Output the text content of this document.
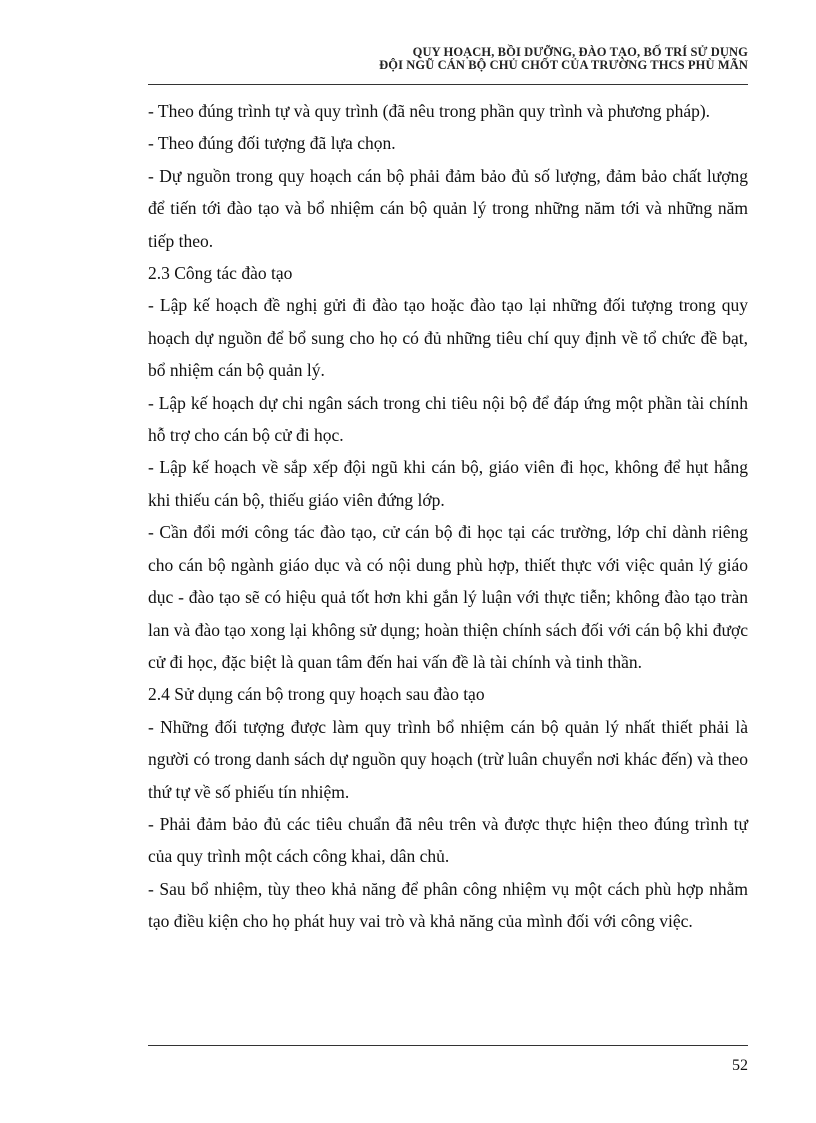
QUY HOẠCH, BỒI DƯỠNG, ĐÀO TẠO, BỐ TRÍ SỬ DỤNG
ĐỘI NGŨ CÁN BỘ CHỦ CHỐT CỦA TRƯỜNG THCS PHÙ MÃN

- Theo đúng trình tự và quy trình (đã nêu trong phần quy trình và phương pháp).

- Theo đúng đối tượng đã lựa chọn.

- Dự nguồn trong quy hoạch cán bộ phải đảm bảo đủ số lượng, đảm bảo chất lượng để tiến tới đào tạo và bổ nhiệm cán bộ quản lý trong những năm tới và những năm tiếp theo.

2.3 Công tác đào tạo

- Lập kế hoạch đề nghị gửi đi đào tạo hoặc đào tạo lại những đối tượng trong quy hoạch dự nguồn để bổ sung cho họ có đủ những tiêu chí quy định về tổ chức đề bạt, bổ nhiệm cán bộ quản lý.

- Lập kế hoạch dự chi ngân sách trong chi tiêu nội bộ để đáp ứng một phần tài chính hỗ trợ cho cán bộ cử đi học.

- Lập kế hoạch về sắp xếp đội ngũ khi cán bộ, giáo viên đi học, không để hụt hẫng khi thiếu cán bộ, thiếu giáo viên đứng lớp.

- Cần đổi mới công tác đào tạo, cử cán bộ đi học tại các trường, lớp chỉ dành riêng cho cán bộ ngành giáo dục và có nội dung phù hợp, thiết thực với việc quản lý giáo dục - đào tạo sẽ có hiệu quả tốt hơn khi gắn lý luận với thực tiễn; không đào tạo tràn lan và đào tạo xong lại không sử dụng; hoàn thiện chính sách đối với cán bộ khi được cử đi học, đặc biệt là quan tâm đến hai vấn đề là tài chính và tinh thần.

2.4 Sử dụng cán bộ trong quy hoạch sau đào tạo

- Những đối tượng được làm quy trình bổ nhiệm cán bộ quản lý nhất thiết phải là người có trong danh sách dự nguồn quy hoạch (trừ luân chuyển nơi khác đến) và theo thứ tự về số phiếu tín nhiệm.

- Phải đảm bảo đủ các tiêu chuẩn đã nêu trên và được thực hiện theo đúng trình tự của quy trình một cách công khai, dân chủ.

- Sau bổ nhiệm, tùy theo khả năng để phân công nhiệm vụ một cách phù hợp nhằm tạo điều kiện cho họ phát huy vai trò và khả năng của mình đối với công việc.

52
